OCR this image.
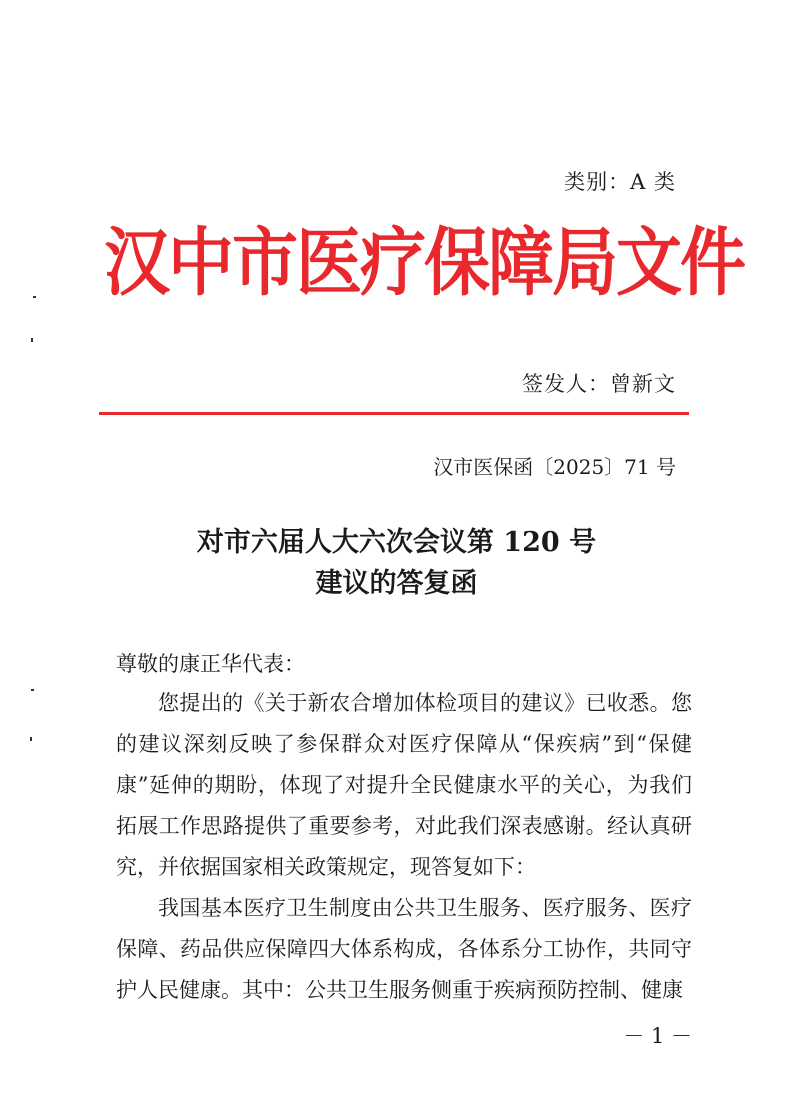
类别：A 类
汉中市医疗保障局文件
签发人：曾新文
汉市医保函〔2025〕71 号
对市六届人大六次会议第 120 号
建议的答复函
尊敬的康正华代表：

您提出的《关于新农合增加体检项目的建议》已收悉。您的建议深刻反映了参保群众对医疗保障从“保疾病”到“保健康”延伸的期盼，体现了对提升全民健康水平的关心，为我们拓展工作思路提供了重要参考，对此我们深表感谢。经认真研究，并依据国家相关政策规定，现答复如下：

我国基本医疗卫生制度由公共卫生服务、医疗服务、医疗保障、药品供应保障四大体系构成，各体系分工协作，共同守护人民健康。其中：公共卫生服务侧重于疾病预防控制、健康

－ 1 －
